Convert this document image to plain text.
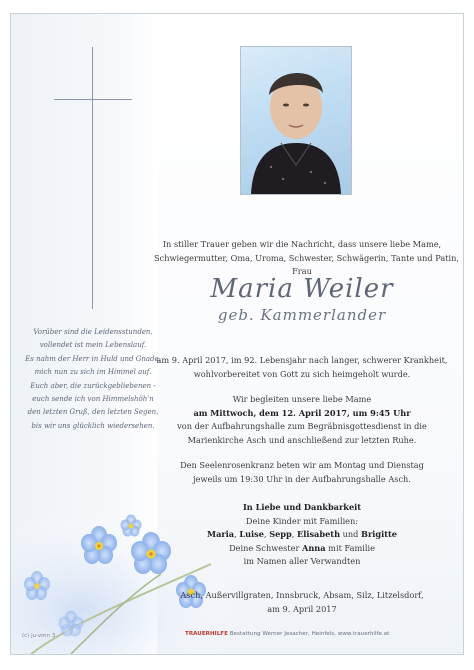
Vorüber sind die Leidensstunden,
vollendet ist mein Lebenslauf.
Es nahm der Herr in Huld und Gnade,
mich nun zu sich im Himmel auf.
Euch aber, die zurückgebliebenen -
euch sende ich von Himmelshöh'n
den letzten Gruß, den letzten Segen,
bis wir uns glücklich wiedersehen.
In stiller Trauer geben wir die Nachricht, dass unsere liebe Mame,
Schwiegermutter, Oma, Uroma, Schwester, Schwägerin, Tante und Patin,
Frau
Maria Weiler
geb. Kammerlander
am 9. April 2017, im 92. Lebensjahr nach langer, schwerer Krankheit,
wohlvorbereitet von Gott zu sich heimgeholt wurde.
Wir begleiten unsere liebe Mame
am Mittwoch, dem 12. April 2017, um 9:45 Uhr
von der Aufbahrungshalle zum Begräbnisgottesdienst in die
Marienkirche Asch und anschließend zur letzten Ruhe.
Den Seelenrosenkranz beten wir am Montag und Dienstag
jeweils um 19:30 Uhr in der Aufbahrungshalle Asch.
In Liebe und Dankbarkeit
Deine Kinder mit Familien:
Maria, Luise, Sepp, Elisabeth und Brigitte
Deine Schwester Anna mit Familie
im Namen aller Verwandten
Asch, Außervillgraten, Innsbruck, Absam, Silz, Litzelsdorf,
am 9. April 2017
(c) ju-vmn 3	TRAUERHILFE Bestattung Werner Jesacher, Heinfels, www.trauerhilfe.at
